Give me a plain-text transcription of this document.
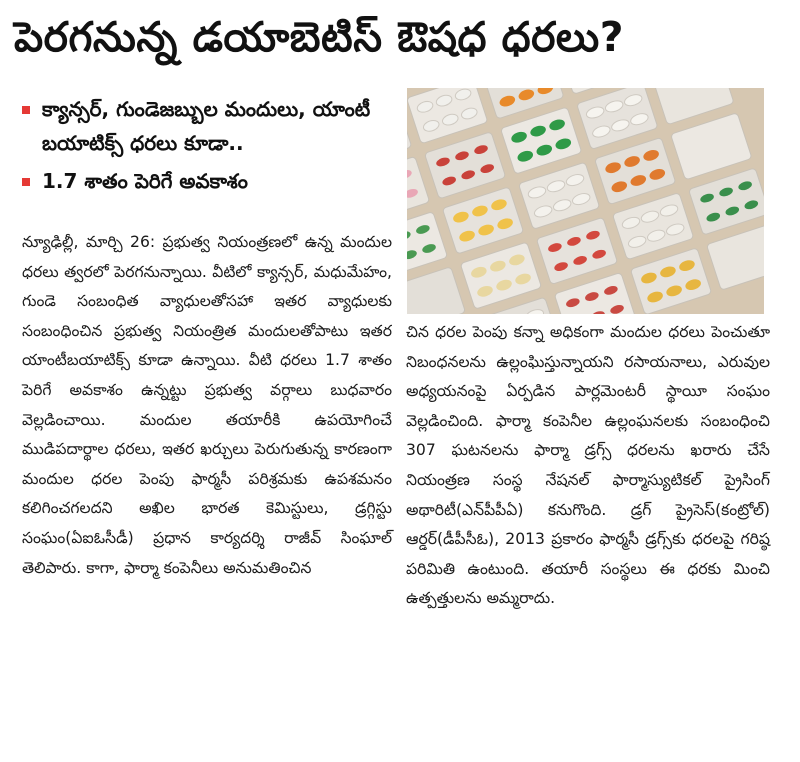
పెరగనున్న డయాబెటిస్ ఔషధ ధరలు?
క్యాన్సర్, గుండెజబ్బుల మందులు, యాంటీ బయాటిక్స్ ధరలు కూడా..
1.7 శాతం పెరిగే అవకాశం

న్యూఢిల్లీ, మార్చి 26: ప్రభుత్వ నియంత్రణలో ఉన్న మందుల ధరలు త్వరలో పెరగనున్నాయి. వీటిలో క్యాన్సర్, మధుమేహం, గుండె సంబంధిత వ్యాధులతోసహా ఇతర వ్యాధులకు సంబంధించిన ప్రభుత్వ నియంత్రిత మందులతోపాటు ఇతర యాంటీబయాటిక్స్ కూడా ఉన్నాయి. వీటి ధరలు 1.7 శాతం పెరిగే అవకాశం ఉన్నట్టు ప్రభుత్వ వర్గాలు బుధవారం వెల్లడించాయి. మందుల తయారీకి ఉపయోగించే ముడిపదార్థాల ధరలు, ఇతర ఖర్చులు పెరుగుతున్న కారణంగా మందుల ధరల పెంపు ఫార్మసీ పరిశ్రమకు ఉపశమనం కలిగించగలదని అఖిల భారత కెమిస్టులు, డ్రగ్గిస్టు సంఘం(ఏఐఓసీడీ) ప్రధాన కార్యదర్శి రాజీవ్ సింఘాల్ తెలిపారు. కాగా, ఫార్మా కంపెనీలు అనుమతించిన

చిన ధరల పెంపు కన్నా అధికంగా మందుల ధరలు పెంచుతూ నిబంధనలను ఉల్లంఘిస్తున్నాయని రసాయనాలు, ఎరువుల అధ్యయనంపై ఏర్పడిన పార్లమెంటరీ స్థాయీ సంఘం వెల్లడించింది. ఫార్మా కంపెనీల ఉల్లంఘనలకు సంబంధించి 307 ఘటనలను ఫార్మా డ్రగ్స్ ధరలను ఖరారు చేసే నియంత్రణ సంస్థ నేషనల్ ఫార్మాస్యుటికల్ ప్రైసింగ్ అథారిటీ(ఎన్‌పీపీఏ) కనుగొంది. డ్రగ్ ప్రైసెస్(కంట్రోల్) ఆర్డర్(డీపీసీఓ), 2013 ప్రకారం ఫార్మసీ డ్రగ్స్‌కు ధరలపై గరిష్ఠ పరిమితి ఉంటుంది. తయారీ సంస్థలు ఈ ధరకు మించి ఉత్పత్తులను అమ్మరాదు.
